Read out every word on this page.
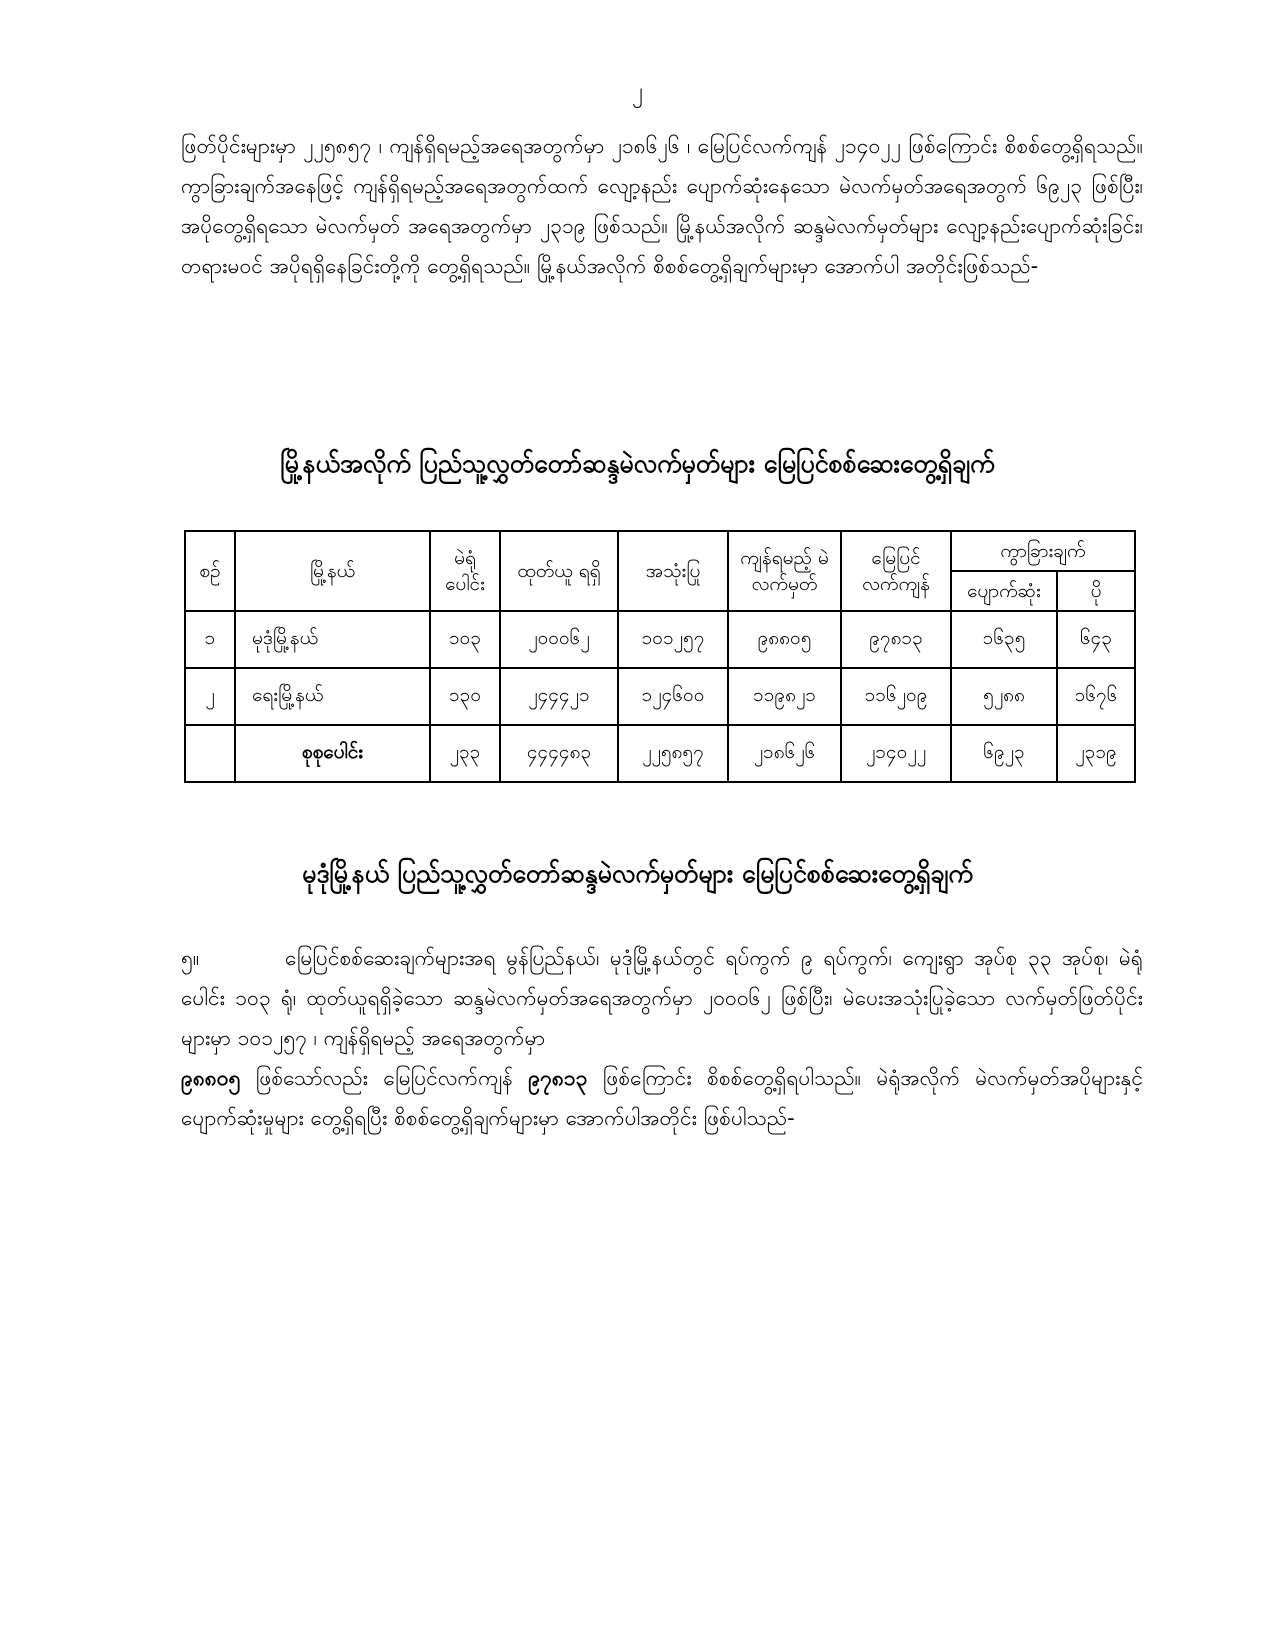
၂
ဖြတ်ပိုင်းများမှာ ၂၂၅၈၅၇ ၊ ကျန်ရှိရမည့်အရေအတွက်မှာ ၂၁၈၆၂၆ ၊ မြေပြင်လက်ကျန် ၂၁၄၀၂၂ ဖြစ်ကြောင်း စိစစ်တွေ့ရှိရသည်။ ကွာခြားချက်အနေဖြင့် ကျန်ရှိရမည့်အရေအတွက်ထက် လျော့နည်း ပျောက်ဆုံးနေသော မဲလက်မှတ်အရေအတွက် ၆၉၂၃ ဖြစ်ပြီး၊ အပိုတွေ့ရှိရသော မဲလက်မှတ် အရေအတွက်မှာ ၂၃၁၉ ဖြစ်သည်။ မြို့နယ်အလိုက် ဆန္ဒမဲလက်မှတ်များ လျော့နည်းပျောက်ဆုံးခြင်း၊ တရားမဝင် အပိုရရှိနေခြင်းတို့ကို တွေ့ရှိရသည်။ မြို့နယ်အလိုက် စိစစ်တွေ့ရှိချက်များမှာ အောက်ပါ အတိုင်းဖြစ်သည်-
မြို့နယ်အလိုက် ပြည်သူ့လွှတ်တော်ဆန္ဒမဲလက်မှတ်များ မြေပြင်စစ်ဆေးတွေ့ရှိချက်
စဉ်	မြို့နယ်	မဲရုံ ပေါင်း	ထုတ်ယူ ရရှိ	အသုံးပြု	ကျန်ရမည့် မဲလက်မှတ်	မြေပြင် လက်ကျန်	ကွာခြားချက်	
							ပျောက်ဆုံး	ပို
၁	မုဒုံမြို့နယ်	၁၀၃	၂၀၀၀၆၂	၁၀၁၂၅၇	၉၈၈၀၅	၉၇၈၁၃	၁၆၃၅	၆၄၃
၂	ရေးမြို့နယ်	၁၃၀	၂၄၄၄၂၁	၁၂၄၆၀၀	၁၁၉၈၂၁	၁၁၆၂၀၉	၅၂၈၈	၁၆၇၆
	စုစုပေါင်း	၂၃၃	၄၄၄၄၈၃	၂၂၅၈၅၇	၂၁၈၆၂၆	၂၁၄၀၂၂	၆၉၂၃	၂၃၁၉
မုဒုံမြို့နယ် ပြည်သူ့လွှတ်တော်ဆန္ဒမဲလက်မှတ်များ မြေပြင်စစ်ဆေးတွေ့ရှိချက်
၅။	မြေပြင်စစ်ဆေးချက်များအရ မွန်ပြည်နယ်၊ မုဒုံမြို့နယ်တွင် ရပ်ကွက် ၉ ရပ်ကွက်၊ ကျေးရွာ အုပ်စု ၃၃ အုပ်စု၊ မဲရုံပေါင်း ၁၀၃ ရုံ၊ ထုတ်ယူရရှိခဲ့သော ဆန္ဒမဲလက်မှတ်အရေအတွက်မှာ ၂၀၀၀၆၂ ဖြစ်ပြီး၊ မဲပေးအသုံးပြုခဲ့သော လက်မှတ်ဖြတ်ပိုင်းများမှာ ၁၀၁၂၅၇ ၊ ကျန်ရှိရမည့် အရေအတွက်မှာ
၉၈၈၀၅ ဖြစ်သော်လည်း မြေပြင်လက်ကျန် ၉၇၈၁၃ ဖြစ်ကြောင်း စိစစ်တွေ့ရှိရပါသည်။ မဲရုံအလိုက် မဲလက်မှတ်အပိုများနှင့် ပျောက်ဆုံးမှုများ တွေ့ရှိရပြီး စိစစ်တွေ့ရှိချက်များမှာ အောက်ပါအတိုင်း ဖြစ်ပါသည်-
